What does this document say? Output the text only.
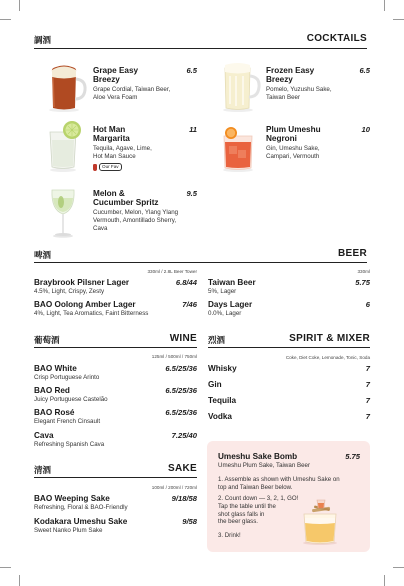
調酒	COCKTAILS
Grape Easy
Breezy
6.5
Grape Cordial, Taiwan Beer,
Aloe Vera Foam
Frozen Easy
Breezy
6.5
Pomelo, Yuzushu Sake,
Taiwan Beer
Hot Man
Margarita
11
Tequila, Agave, Lime,
Hot Man Sauce
Our Fav
Plum Umeshu
Negroni
10
Gin, Umeshu Sake,
Campari, Vermouth
Melon &
Cucumber Spritz
9.5
Cucumber, Melon, Ylang Ylang
Vermouth, Amontillado Sherry,
Cava
啤酒	BEER
330ml / 2.8L Beer Tower	330ml
Braybrook Pilsner Lager	6.8/44
4.5%, Light, Crispy, Zesty
BAO Oolong Amber Lager	7/46
4%, Light, Tea Aromatics, Faint Bitterness
Taiwan Beer	5.75
5%, Lager
Days Lager	6
0.0%, Lager
葡萄酒	WINE
125ml / 500ml / 750ml
BAO White	6.5/25/36
Crisp Portuguese Arinto
BAO Red	6.5/25/36
Juicy Portuguese Castelão
BAO Rosé	6.5/25/36
Elegant French Cinsault
Cava	7.25/40
Refreshing Spanish Cava
清酒	SAKE
100ml / 200ml / 720ml
BAO Weeping Sake	9/18/58
Refreshing, Floral & BAO-Friendly
Kodakara Umeshu Sake	9/58
Sweet Nanko Plum Sake
烈酒	SPIRIT & MIXER
Coke, Diet Coke, Lemonade, Tonic, Soda
Whisky	7
Gin	7
Tequila	7
Vodka	7
Umeshu Sake Bomb	5.75
Umeshu Plum Sake, Taiwan Beer
1. Assemble as shown with Umeshu Sake on
top and Taiwan Beer below.
2. Count down — 3, 2, 1, GO!
Tap the table until the
shot glass falls in
the beer glass.
3. Drink!
